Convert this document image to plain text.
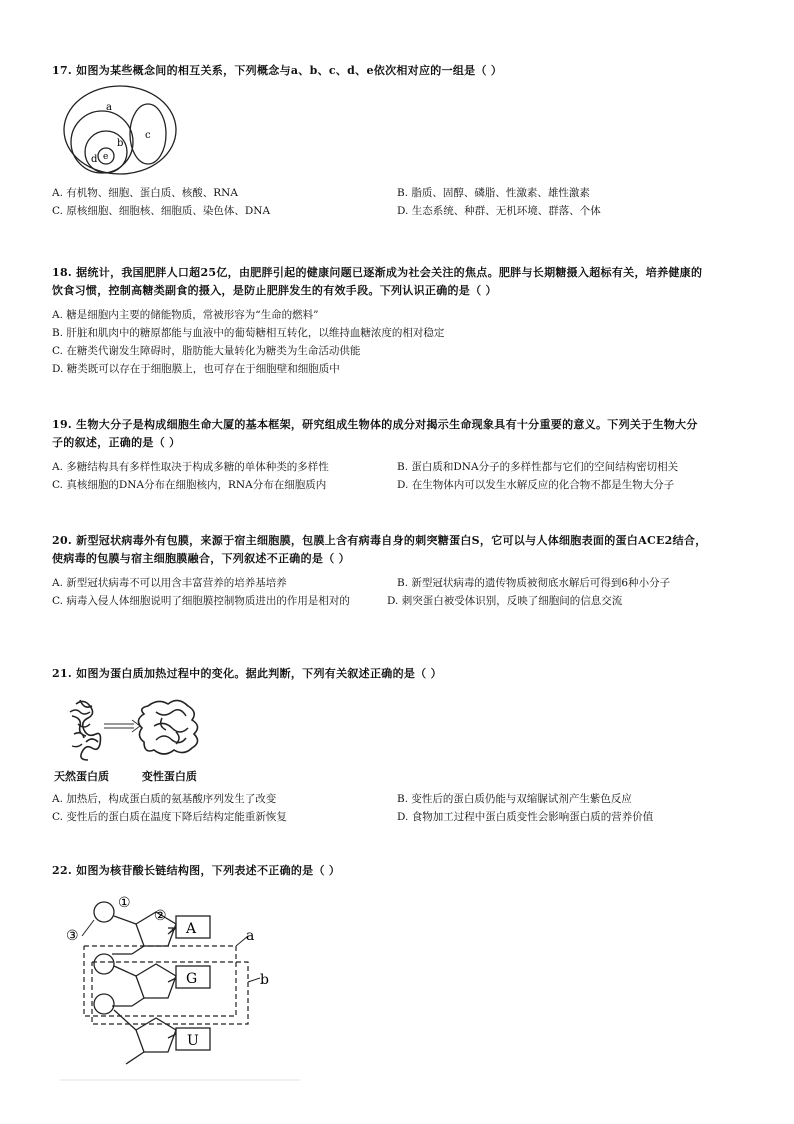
17. 如图为某些概念间的相互关系，下列概念与a、b、c、d、e依次相对应的一组是（ ）
a
b
c
d e
A. 有机物、细胞、蛋白质、核酸、RNA	B. 脂质、固醇、磷脂、性激素、雄性激素
C. 原核细胞、细胞核、细胞质、染色体、DNA	D. 生态系统、种群、无机环境、群落、个体
18. 据统计，我国肥胖人口超25亿，由肥胖引起的健康问题已逐渐成为社会关注的焦点。肥胖与长期糖摄入超标有关，培养健康的
饮食习惯，控制高糖类副食的摄入，是防止肥胖发生的有效手段。下列认识正确的是（ ）
A. 糖是细胞内主要的储能物质，常被形容为“生命的燃料”
B. 肝脏和肌肉中的糖原都能与血液中的葡萄糖相互转化，以维持血糖浓度的相对稳定
C. 在糖类代谢发生障碍时，脂肪能大量转化为糖类为生命活动供能
D. 糖类既可以存在于细胞膜上，也可存在于细胞壁和细胞质中
19. 生物大分子是构成细胞生命大厦的基本框架，研究组成生物体的成分对揭示生命现象具有十分重要的意义。下列关于生物大分
子的叙述，正确的是（ ）
A. 多糖结构具有多样性取决于构成多糖的单体种类的多样性	B. 蛋白质和DNA分子的多样性都与它们的空间结构密切相关
C. 真核细胞的DNA分布在细胞核内，RNA分布在细胞质内	D. 在生物体内可以发生水解反应的化合物不都是生物大分子
20. 新型冠状病毒外有包膜，来源于宿主细胞膜，包膜上含有病毒自身的刺突糖蛋白S，它可以与人体细胞表面的蛋白ACE2结合，
使病毒的包膜与宿主细胞膜融合，下列叙述不正确的是（ ）
A. 新型冠状病毒不可以用含丰富营养的培养基培养	B. 新型冠状病毒的遗传物质被彻底水解后可得到6种小分子
C. 病毒入侵人体细胞说明了细胞膜控制物质进出的作用是相对的	D. 刺突蛋白被受体识别，反映了细胞间的信息交流
21. 如图为蛋白质加热过程中的变化。据此判断，下列有关叙述正确的是（ ）
天然蛋白质	变性蛋白质
A. 加热后，构成蛋白质的氨基酸序列发生了改变	B. 变性后的蛋白质仍能与双缩脲试剂产生紫色反应
C. 变性后的蛋白质在温度下降后结构定能重新恢复	D. 食物加工过程中蛋白质变性会影响蛋白质的营养价值
22. 如图为核苷酸长链结构图，下列表述不正确的是（ ）
①
②
③	A
G
U
a
b
